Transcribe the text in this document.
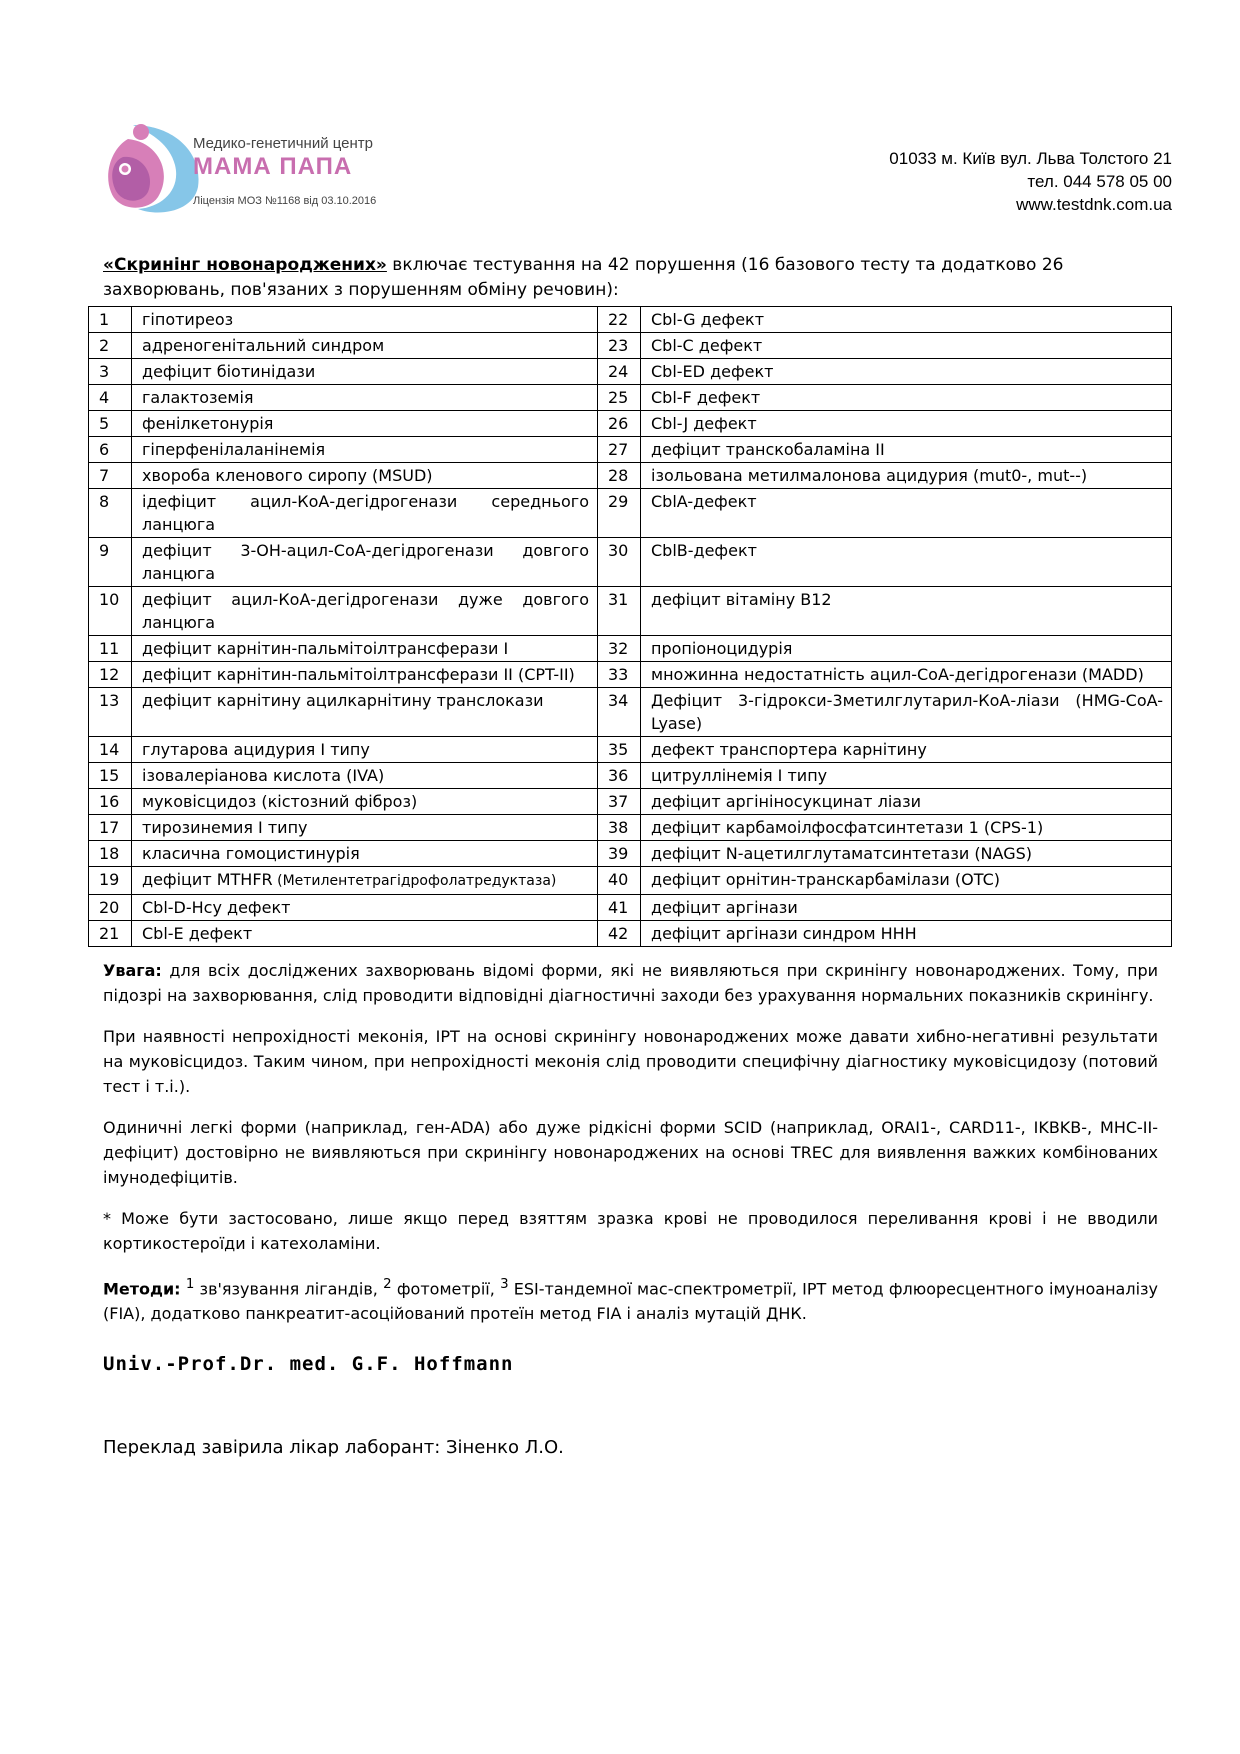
Медико-генетичний центр
МАМА ПАПА
Ліцензія МОЗ №1168 від 03.10.2016
01033 м. Київ вул. Льва Толстого 21
тел. 044 578 05 00
www.testdnk.com.ua
«Скринінг новонароджених» включає тестування на 42 порушення (16 базового тесту та додатково 26 захворювань, пов'язаних з порушенням обміну речовин):
1	гіпотиреоз	22	Cbl-G дефект
2	адреногенітальний синдром	23	Cbl-C дефект
3	дефіцит біотинідази	24	Cbl-ED дефект
4	галактоземія	25	Cbl-F дефект
5	фенілкетонурія	26	Cbl-J дефект
6	гіперфенілаланінемія	27	дефіцит транскобаламіна II
7	хвороба кленового сиропу (MSUD)	28	ізольована метилмалонова ацидурия (mut0-, mut--)
8	ідефіцит ацил-КоА-дегідрогенази середнього ланцюга	29	CblA-дефект
9	дефіцит 3-ОН-ацил-СоА-дегідрогенази довгого ланцюга	30	CblB-дефект
10	дефіцит ацил-КоА-дегідрогенази дуже довгого ланцюга	31	дефіцит вітаміну B12
11	дефіцит карнітин-пальмітоілтрансферази I	32	пропіоноцидурія
12	дефіцит карнітин-пальмітоілтрансферази II (CPT-II)	33	множинна недостатність ацил-СоА-дегідрогенази (MADD)
13	дефіцит карнітину ацилкарнітину транслокази	34	Дефіцит 3-гідрокси-3метилглутарил-КоА-лiази (HMG-CoA-Lyase)
14	глутарова ацидурия I типу	35	дефект транспортера карнітину
15	ізовалеріанова кислота (IVA)	36	цитруллінемія I типу
16	муковісцидоз (кістозний фіброз)	37	дефіцит аргініносукцинат лiази
17	тирозинемия I типу	38	дефіцит карбамоілфосфатсинтетази 1 (CPS-1)
18	класична гомоцистинурія	39	дефіцит N-ацетилглутаматсинтетази (NAGS)
19	дефіцит MTHFR (Метилентетрагідрофолатредуктаза)	40	дефіцит орнітин-транскарбамілази (OTC)
20	Cbl-D-Hcy дефект	41	дефіцит аргінази
21	Cbl-E дефект	42	дефіцит аргінази синдром HHH

Увага: для всіх досліджених захворювань відомі форми, які не виявляються при скринінгу новонароджених. Тому, при підозрі на захворювання, слід проводити відповідні діагностичні заходи без урахування нормальних показників скринінгу.

При наявності непрохідності меконія, IPT на основі скринінгу новонароджених може давати хибно-негативні результати на муковісцидоз. Таким чином, при непрохідності меконія слід проводити специфічну діагностику муковісцидозу (потовий тест і т.і.).

Одиничні легкі форми (наприклад, ген-ADA) або дуже рідкісні форми SCID (наприклад, ORAI1-, CARD11-, IKBKB-, MHC-II-дефіцит) достовірно не виявляються при скринінгу новонароджених на основі TREC для виявлення важких комбінованих імунодефіцитів.

* Може бути застосовано, лише якщо перед взяттям зразка крові не проводилося переливання крові і не вводили кортикостероїди і катехоламіни.

Методи: $^1$ зв'язування лігандів, $^2$ фотометрії, $^3$ ESI-тандемної мас-спектрометрії, IPT метод флюоресцентного імуноаналізу (FIA), додатково панкреатит-асоційований протеїн метод FIA і аналіз мутацій ДНК.

Univ.-Prof.Dr. med. G.F. Hoffmann
Переклад завірила лікар лаборант: Зіненко Л.О.
